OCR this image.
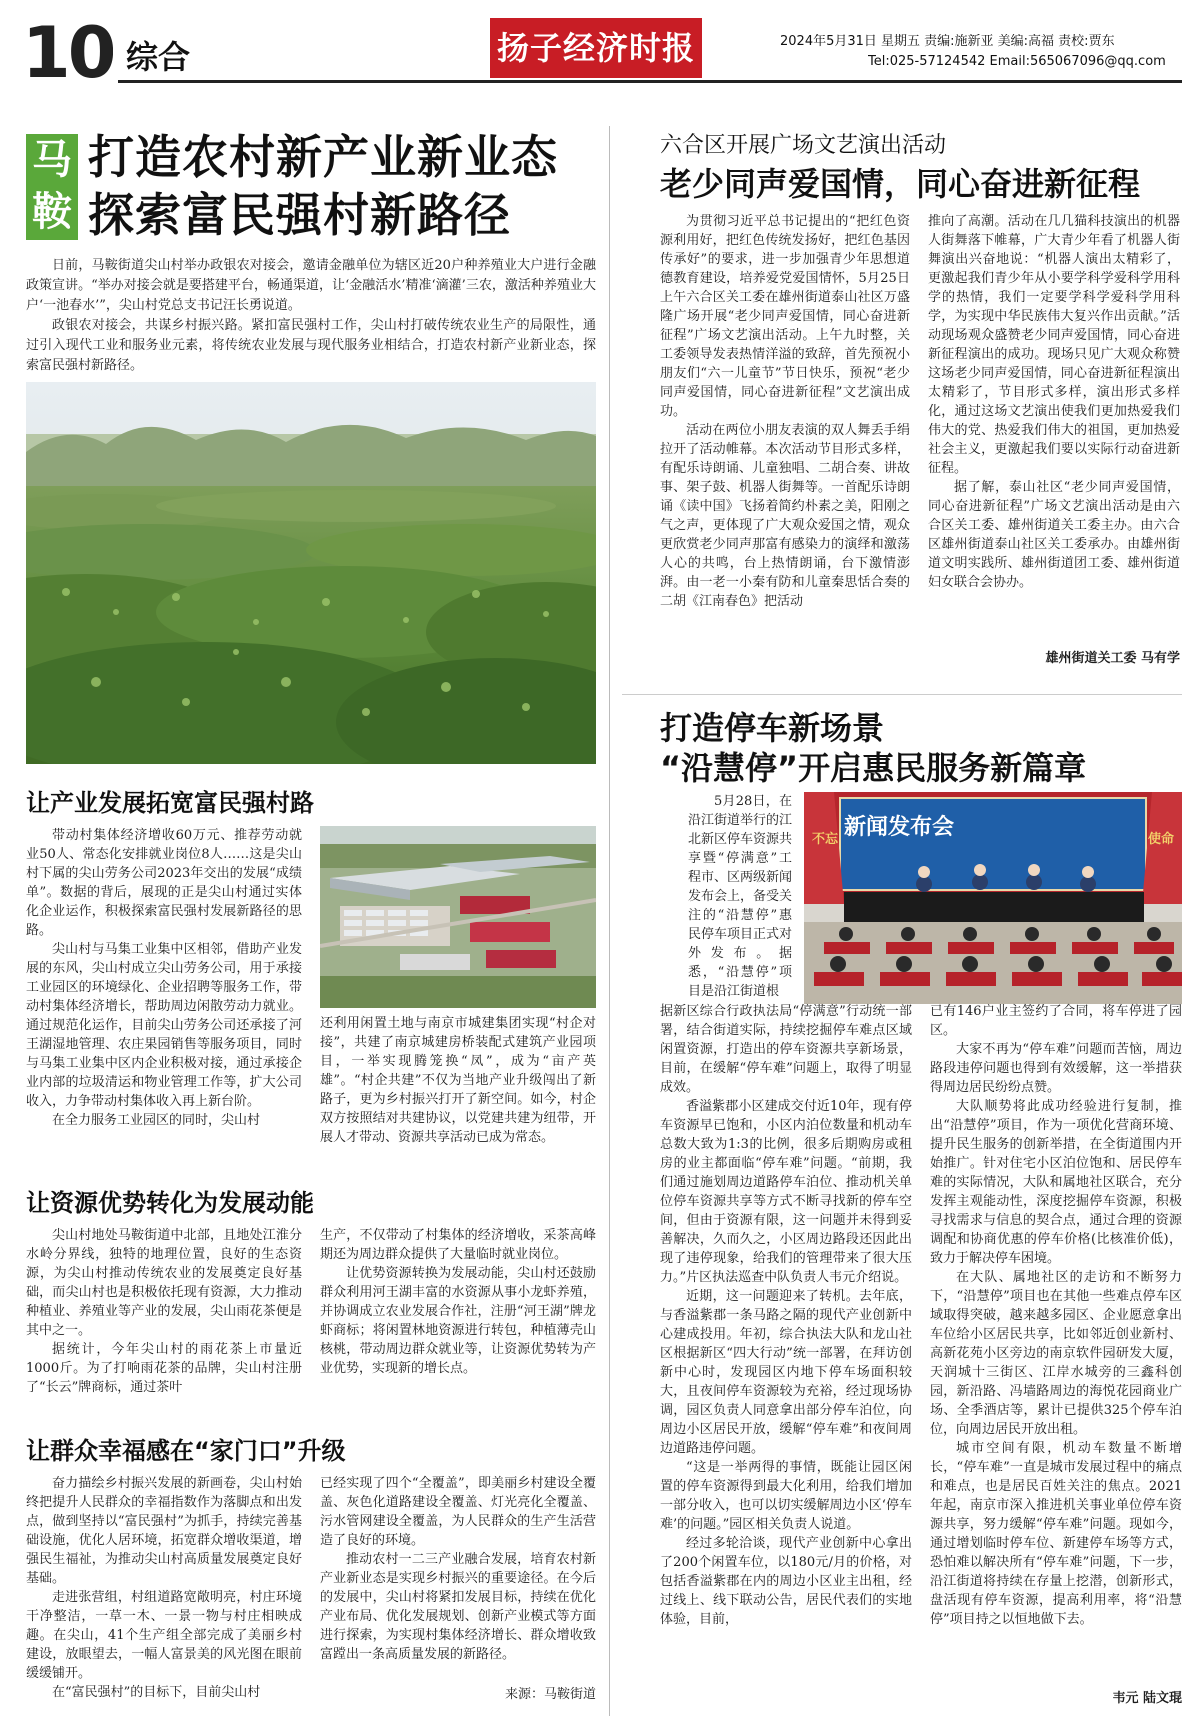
10 综合	扬子经济时报	2024年5月31日 星期五 责编:施新亚 美编:高福 责校:贾东
Tel:025-57124542 Email:565067096@qq.com
马
鞍
打造农村新产业新业态
探索富民强村新路径

日前，马鞍街道尖山村举办政银农对接会，邀请金融单位为辖区近20户种养殖业大户进行金融政策宣讲。“举办对接会就是要搭建平台，畅通渠道，让‘金融活水’精准‘滴灌’三农，激活种养殖业大户‘一池春水’”，尖山村党总支书记汪长勇说道。

政银农对接会，共谋乡村振兴路。紧扣富民强村工作，尖山村打破传统农业生产的局限性，通过引入现代工业和服务业元素，将传统农业发展与现代服务业相结合，打造农村新产业新业态，探索富民强村新路径。

让产业发展拓宽富民强村路

带动村集体经济增收60万元、推荐劳动就业50人、常态化安排就业岗位8人……这是尖山村下属的尖山劳务公司2023年交出的发展“成绩单”。数据的背后，展现的正是尖山村通过实体化企业运作，积极探索富民强村发展新路径的思路。

尖山村与马集工业集中区相邻，借助产业发展的东风，尖山村成立尖山劳务公司，用于承接工业园区的环境绿化、企业招聘等服务工作，带动村集体经济增长，帮助周边闲散劳动力就业。通过规范化运作，目前尖山劳务公司还承接了河王湖湿地管理、农庄果园销售等服务项目，同时与马集工业集中区内企业积极对接，通过承接企业内部的垃圾清运和物业管理工作等，扩大公司收入，力争带动村集体收入再上新台阶。

在全力服务工业园区的同时，尖山村

还利用闲置土地与南京市城建集团实现“村企对接”，共建了南京城建房桥装配式建筑产业园项目，一举实现腾笼换“凤”，成为“亩产英雄”。“村企共建”不仅为当地产业升级闯出了新路子，更为乡村振兴打开了新空间。如今，村企双方按照结对共建协议，以党建共建为纽带，开展人才带动、资源共享活动已成为常态。

让资源优势转化为发展动能

尖山村地处马鞍街道中北部，且地处江淮分水岭分界线，独特的地理位置，良好的生态资源，为尖山村推动传统农业的发展奠定良好基础，而尖山村也是积极依托现有资源，大力推动种植业、养殖业等产业的发展，尖山雨花茶便是其中之一。

据统计，今年尖山村的雨花茶上市量近1000斤。为了打响雨花茶的品牌，尖山村注册了“长云”牌商标，通过茶叶

生产，不仅带动了村集体的经济增收，采茶高峰期还为周边群众提供了大量临时就业岗位。

让优势资源转换为发展动能，尖山村还鼓励群众利用河王湖丰富的水资源从事小龙虾养殖，并协调成立农业发展合作社，注册“河王湖”牌龙虾商标；将闲置林地资源进行转包，种植薄壳山核桃，带动周边群众就业等，让资源优势转为产业优势，实现新的增长点。

让群众幸福感在“家门口”升级

奋力描绘乡村振兴发展的新画卷，尖山村始终把提升人民群众的幸福指数作为落脚点和出发点，做到坚持以“富民强村”为抓手，持续完善基础设施，优化人居环境，拓宽群众增收渠道，增强民生福祉，为推动尖山村高质量发展奠定良好基础。

走进张营组，村组道路宽敞明亮，村庄环境干净整洁，一草一木、一景一物与村庄相映成趣。在尖山，41个生产组全部完成了美丽乡村建设，放眼望去，一幅人富景美的风光图在眼前缓缓铺开。

在“富民强村”的目标下，目前尖山村

已经实现了四个“全覆盖”，即美丽乡村建设全覆盖、灰色化道路建设全覆盖、灯光亮化全覆盖、污水管网建设全覆盖，为人民群众的生产生活营造了良好的环境。

推动农村一二三产业融合发展，培育农村新产业新业态是实现乡村振兴的重要途径。在今后的发展中，尖山村将紧扣发展目标，持续在优化产业布局、优化发展规划、创新产业模式等方面进行探索，为实现村集体经济增长、群众增收致富蹚出一条高质量发展的新路径。

来源：马鞍街道
六合区开展广场文艺演出活动
老少同声爱国情，同心奋进新征程

为贯彻习近平总书记提出的“把红色资源利用好，把红色传统发扬好，把红色基因传承好”的要求，进一步加强青少年思想道德教育建设，培养爱党爱国情怀，5月25日上午六合区关工委在雄州街道泰山社区万盛隆广场开展“老少同声爱国情，同心奋进新征程”广场文艺演出活动。上午九时整，关工委领导发表热情洋溢的致辞，首先预祝小朋友们“六一儿童节”节日快乐，预祝“老少同声爱国情，同心奋进新征程”文艺演出成功。

活动在两位小朋友表演的双人舞丢手绢拉开了活动帷幕。本次活动节目形式多样，有配乐诗朗诵、儿童独唱、二胡合奏、讲故事、架子鼓、机器人街舞等。一首配乐诗朗诵《读中国》飞扬着简约朴素之美，阳刚之气之声，更体现了广大观众爱国之情，观众更欣赏老少同声那富有感染力的演绎和激荡人心的共鸣，台上热情朗诵，台下激情澎湃。由一老一小秦有防和儿童秦思恬合奏的二胡《江南春色》把活动

推向了高潮。活动在几几猫科技演出的机器人街舞落下帷幕，广大青少年看了机器人街舞演出兴奋地说：“机器人演出太精彩了，更激起我们青少年从小要学科学爱科学用科学的热情，我们一定要学科学爱科学用科学，为实现中华民族伟大复兴作出贡献。”活动现场观众盛赞老少同声爱国情，同心奋进新征程演出的成功。现场只见广大观众称赞这场老少同声爱国情，同心奋进新征程演出太精彩了，节目形式多样，演出形式多样化，通过这场文艺演出使我们更加热爱我们伟大的党、热爱我们伟大的祖国，更加热爱社会主义，更激起我们要以实际行动奋进新征程。

据了解，泰山社区“老少同声爱国情，同心奋进新征程”广场文艺演出活动是由六合区关工委、雄州街道关工委主办。由六合区雄州街道泰山社区关工委承办。由雄州街道文明实践所、雄州街道团工委、雄州街道妇女联合会协办。

雄州街道关工委 马有学
打造停车新场景
“沿慧停”开启惠民服务新篇章

5月28日，在沿江街道举行的江北新区停车资源共享暨“停满意”工程市、区两级新闻发布会上，备受关注的“沿慧停”惠民停车项目正式对外发布。据悉，“沿慧停”项目是沿江街道根

新闻发布会
不忘	使命

据新区综合行政执法局“停满意”行动统一部署，结合街道实际，持续挖掘停车难点区域闲置资源，打造出的停车资源共享新场景，目前，在缓解“停车难”问题上，取得了明显成效。

香溢紫郡小区建成交付近10年，现有停车资源早已饱和，小区内泊位数量和机动车总数大致为1:3的比例，很多后期购房或租房的业主都面临“停车难”问题。“前期，我们通过施划周边道路停车泊位、推动机关单位停车资源共享等方式不断寻找新的停车空间，但由于资源有限，这一问题并未得到妥善解决，久而久之，小区周边路段还因此出现了违停现象，给我们的管理带来了很大压力。”片区执法巡查中队负责人韦元介绍说。

近期，这一问题迎来了转机。去年底，与香溢紫郡一条马路之隔的现代产业创新中心建成投用。年初，综合执法大队和龙山社区根据新区“四大行动”统一部署，在拜访创新中心时，发现园区内地下停车场面积较大，且夜间停车资源较为充裕，经过现场协调，园区负责人同意拿出部分停车泊位，向周边小区居民开放，缓解“停车难”和夜间周边道路违停问题。

“这是一举两得的事情，既能让园区闲置的停车资源得到最大化利用，给我们增加一部分收入，也可以切实缓解周边小区‘停车难’的问题。”园区相关负责人说道。

经过多轮洽谈，现代产业创新中心拿出了200个闲置车位，以180元/月的价格，对包括香溢紫郡在内的周边小区业主出租，经过线上、线下联动公告，居民代表们的实地体验，目前，

已有146户业主签约了合同，将车停进了园区。

大家不再为“停车难”问题而苦恼，周边路段违停问题也得到有效缓解，这一举措获得周边居民纷纷点赞。

大队顺势将此成功经验进行复制，推出“沿慧停”项目，作为一项优化营商环境、提升民生服务的创新举措，在全街道围内开始推广。针对住宅小区泊位饱和、居民停车难的实际情况，大队和属地社区联合，充分发挥主观能动性，深度挖掘停车资源，积极寻找需求与信息的契合点，通过合理的资源调配和协商优惠的停车价格(比核准价低)，致力于解决停车困境。

在大队、属地社区的走访和不断努力下，“沿慧停”项目也在其他一些难点停车区域取得突破，越来越多园区、企业愿意拿出车位给小区居民共享，比如邻近创业新村、高新花苑小区旁边的南京软件园研发大厦，天润城十三街区、江岸水城旁的三鑫科创园，新沿路、冯墙路周边的海悦花园商业广场、全季酒店等，累计已提供325个停车泊位，向周边居民开放出租。

城市空间有限，机动车数量不断增长，“停车难”一直是城市发展过程中的痛点和难点，也是居民百姓关注的焦点。2021年起，南京市深入推进机关事业单位停车资源共享，努力缓解“停车难”问题。现如今，通过增划临时停车位、新建停车场等方式，恐怕难以解决所有“停车难”问题，下一步，沿江街道将持续在存量上挖潜，创新形式，盘活现有停车资源，提高利用率，将“沿慧停”项目持之以恒地做下去。

韦元 陆文琨
